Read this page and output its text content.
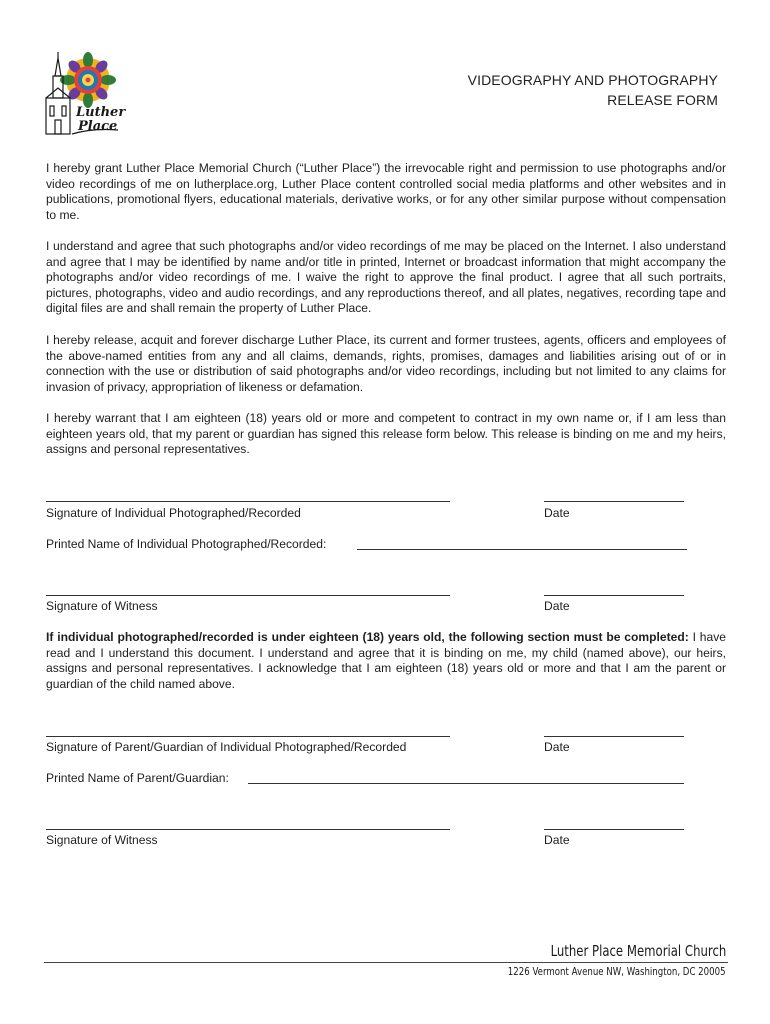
Luther
Place
VIDEOGRAPHY AND PHOTOGRAPHY
RELEASE FORM

I hereby grant Luther Place Memorial Church (“Luther Place”) the irrevocable right and permission to use photographs and/or video recordings of me on lutherplace.org, Luther Place content controlled social media platforms and other websites and in publications, promotional flyers, educational materials, derivative works, or for any other similar purpose without compensation to me.

I understand and agree that such photographs and/or video recordings of me may be placed on the Internet. I also understand and agree that I may be identified by name and/or title in printed, Internet or broadcast information that might accompany the photographs and/or video recordings of me. I waive the right to approve the final product. I agree that all such portraits, pictures, photographs, video and audio recordings, and any reproductions thereof, and all plates, negatives, recording tape and digital files are and shall remain the property of Luther Place.

I hereby release, acquit and forever discharge Luther Place, its current and former trustees, agents, officers and employees of the above-named entities from any and all claims, demands, rights, promises, damages and liabilities arising out of or in connection with the use or distribution of said photographs and/or video recordings, including but not limited to any claims for invasion of privacy, appropriation of likeness or defamation.

I hereby warrant that I am eighteen (18) years old or more and competent to contract in my own name or, if I am less than eighteen years old, that my parent or guardian has signed this release form below. This release is binding on me and my heirs, assigns and personal representatives.

Signature of Individual Photographed/Recorded	Date
Printed Name of Individual Photographed/Recorded:
Signature of Witness	Date

If individual photographed/recorded is under eighteen (18) years old, the following section must be completed: I have read and I understand this document. I understand and agree that it is binding on me, my child (named above), our heirs, assigns and personal representatives. I acknowledge that I am eighteen (18) years old or more and that I am the parent or guardian of the child named above.

Signature of Parent/Guardian of Individual Photographed/Recorded	Date
Printed Name of Parent/Guardian:
Signature of Witness	Date
Luther Place Memorial Church
1226 Vermont Avenue NW, Washington, DC 20005
